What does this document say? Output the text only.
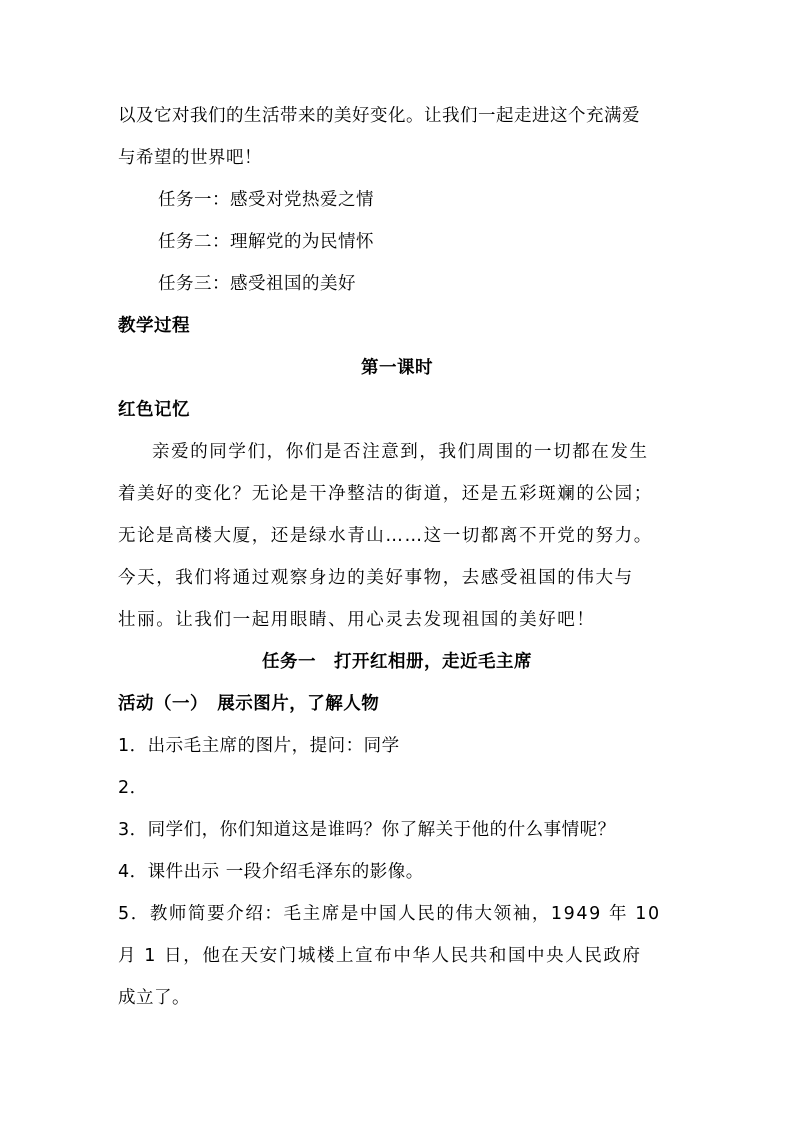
以及它对我们的生活带来的美好变化。让我们一起走进这个充满爱
与希望的世界吧！
任务一：感受对党热爱之情
任务二：理解党的为民情怀
任务三：感受祖国的美好
教学过程
第一课时
红色记忆
亲爱的同学们，你们是否注意到，我们周围的一切都在发生
着美好的变化？无论是干净整洁的街道，还是五彩斑斓的公园；
无论是高楼大厦，还是绿水青山……这一切都离不开党的努力。
今天，我们将通过观察身边的美好事物，去感受祖国的伟大与
壮丽。让我们一起用眼睛、用心灵去发现祖国的美好吧！
任务一　打开红相册，走近毛主席
活动（一）　展示图片，了解人物
1．出示毛主席的图片，提问：同学
2．
3．同学们，你们知道这是谁吗？你了解关于他的什么事情呢？
4．课件出示 一段介绍毛泽东的影像。
5．教师简要介绍：毛主席是中国人民的伟大领袖，1949 年 10
月 1 日，他在天安门城楼上宣布中华人民共和国中央人民政府
成立了。
